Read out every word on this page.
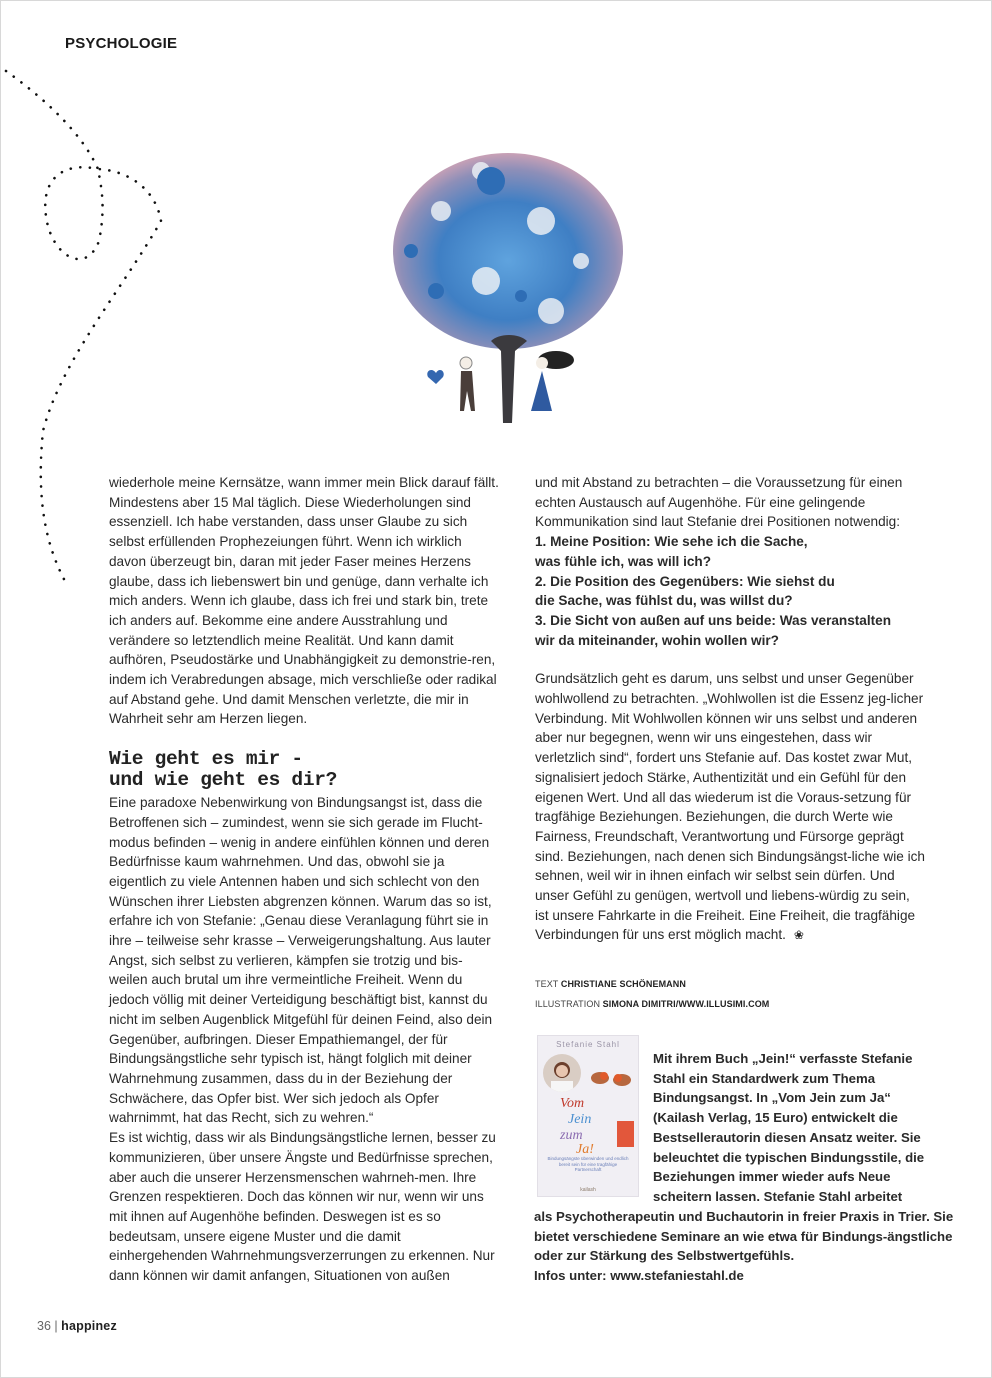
PSYCHOLOGIE

wiederhole meine Kernsätze, wann immer mein Blick darauf fällt. Mindestens aber 15 Mal täglich. Diese Wiederholungen sind essenziell. Ich habe verstanden, dass unser Glaube zu sich selbst erfüllenden Prophezeiungen führt. Wenn ich wirklich davon überzeugt bin, daran mit jeder Faser meines Herzens glaube, dass ich liebenswert bin und genüge, dann verhalte ich mich anders. Wenn ich glaube, dass ich frei und stark bin, trete ich anders auf. Bekomme eine andere Ausstrahlung und verändere so letztendlich meine Realität. Und kann damit aufhören, Pseudostärke und Unabhängigkeit zu demonstrie-ren, indem ich Verabredungen absage, mich verschließe oder radikal auf Abstand gehe. Und damit Menschen verletzte, die mir in Wahrheit sehr am Herzen liegen.

Wie geht es mir -
und wie geht es dir?

Eine paradoxe Nebenwirkung von Bindungsangst ist, dass die Betroffenen sich – zumindest, wenn sie sich gerade im Flucht-modus befinden – wenig in andere einfühlen können und deren Bedürfnisse kaum wahrnehmen. Und das, obwohl sie ja eigentlich zu viele Antennen haben und sich schlecht von den Wünschen ihrer Liebsten abgrenzen können. Warum das so ist, erfahre ich von Stefanie: „Genau diese Veranlagung führt sie in ihre – teilweise sehr krasse – Verweigerungshaltung. Aus lauter Angst, sich selbst zu verlieren, kämpfen sie trotzig und bis-weilen auch brutal um ihre vermeintliche Freiheit. Wenn du jedoch völlig mit deiner Verteidigung beschäftigt bist, kannst du nicht im selben Augenblick Mitgefühl für deinen Feind, also dein Gegenüber, aufbringen. Dieser Empathiemangel, der für Bindungsängstliche sehr typisch ist, hängt folglich mit deiner Wahrnehmung zusammen, dass du in der Beziehung der Schwächere, das Opfer bist. Wer sich jedoch als Opfer wahrnimmt, hat das Recht, sich zu wehren.“

Es ist wichtig, dass wir als Bindungsängstliche lernen, besser zu kommunizieren, über unsere Ängste und Bedürfnisse sprechen, aber auch die unserer Herzensmenschen wahrneh-men. Ihre Grenzen respektieren. Doch das können wir nur, wenn wir uns mit ihnen auf Augenhöhe befinden. Deswegen ist es so bedeutsam, unsere eigene Muster und die damit einhergehenden Wahrnehmungsverzerrungen zu erkennen. Nur dann können wir damit anfangen, Situationen von außen

und mit Abstand zu betrachten – die Voraussetzung für einen echten Austausch auf Augenhöhe. Für eine gelingende Kommunikation sind laut Stefanie drei Positionen notwendig:

1. Meine Position: Wie sehe ich die Sache,
was fühle ich, was will ich?
2. Die Position des Gegenübers: Wie siehst du
die Sache, was fühlst du, was willst du?
3. Die Sicht von außen auf uns beide: Was veranstalten
wir da miteinander, wohin wollen wir?

Grundsätzlich geht es darum, uns selbst und unser Gegenüber wohlwollend zu betrachten. „Wohlwollen ist die Essenz jeg-licher Verbindung. Mit Wohlwollen können wir uns selbst und anderen aber nur begegnen, wenn wir uns eingestehen, dass wir verletzlich sind“, fordert uns Stefanie auf. Das kostet zwar Mut, signalisiert jedoch Stärke, Authentizität und ein Gefühl für den eigenen Wert. Und all das wiederum ist die Voraus-setzung für tragfähige Beziehungen. Beziehungen, die durch Werte wie Fairness, Freundschaft, Verantwortung und Fürsorge geprägt sind. Beziehungen, nach denen sich Bindungsängst-liche wie ich sehnen, weil wir in ihnen einfach wir selbst sein dürfen. Und unser Gefühl zu genügen, wertvoll und liebens-würdig zu sein, ist unsere Fahrkarte in die Freiheit. Eine Freiheit, die tragfähige Verbindungen für uns erst möglich macht. ❀

TEXT CHRISTIANE SCHÖNEMANN
ILLUSTRATION SIMONA DIMITRI/WWW.ILLUSIMI.COM
Stefanie Stahl
Vom
Jein
zum
Ja!
Bindungsängste überwinden und endlich bereit sein für eine tragfähige Partnerschaft
kailash
Mit ihrem Buch „Jein!“ verfasste Stefanie Stahl ein Standardwerk zum Thema Bindungsangst. In „Vom Jein zum Ja“ (Kailash Verlag, 15 Euro) entwickelt die Bestsellerautorin diesen Ansatz weiter. Sie beleuchtet die typischen Bindungsstile, die Beziehungen immer wieder aufs Neue scheitern lassen. Stefanie Stahl arbeitet
als Psychotherapeutin und Buchautorin in freier Praxis in Trier. Sie bietet verschiedene Seminare an wie etwa für Bindungs-ängstliche oder zur Stärkung des Selbstwertgefühls.
Infos unter: www.stefaniestahl.de
36 | happinez
